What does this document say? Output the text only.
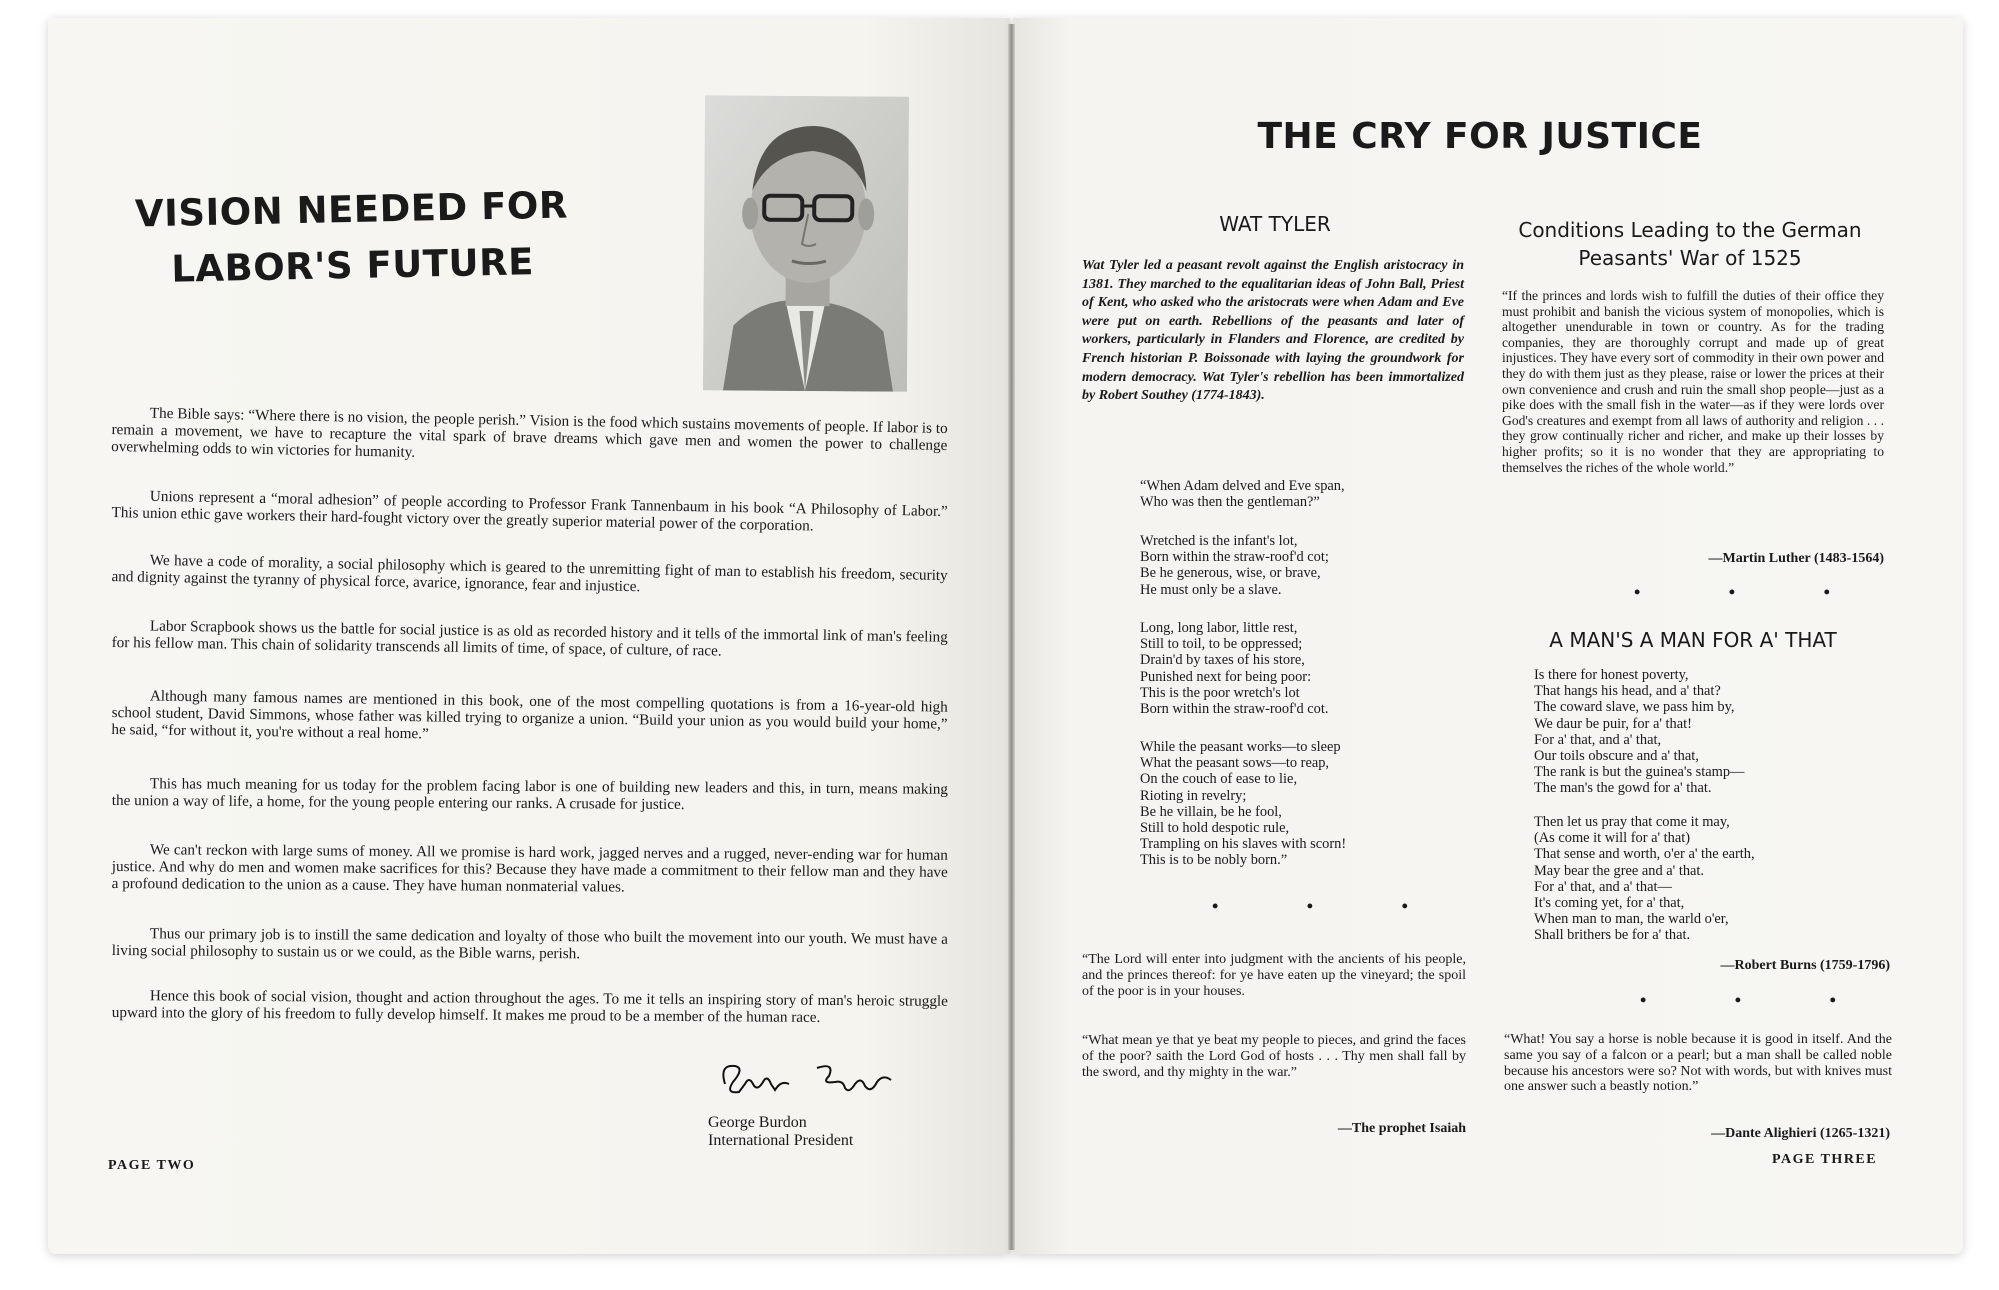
VISION NEEDED FOR
LABOR'S FUTURE

The Bible says: “Where there is no vision, the people perish.” Vision is the food which sustains movements of people. If labor is to remain a movement, we have to recapture the vital spark of brave dreams which gave men and women the power to challenge overwhelming odds to win victories for humanity.

Unions represent a “moral adhesion” of people according to Professor Frank Tannenbaum in his book “A Philosophy of Labor.” This union ethic gave workers their hard-fought victory over the greatly superior material power of the corporation.

We have a code of morality, a social philosophy which is geared to the unremitting fight of man to establish his freedom, security and dignity against the tyranny of physical force, avarice, ignorance, fear and injustice.

Labor Scrapbook shows us the battle for social justice is as old as recorded history and it tells of the immortal link of man's feeling for his fellow man. This chain of solidarity transcends all limits of time, of space, of culture, of race.

Although many famous names are mentioned in this book, one of the most compelling quotations is from a 16-year-old high school student, David Simmons, whose father was killed trying to organize a union. “Build your union as you would build your home,” he said, “for without it, you're without a real home.”

This has much meaning for us today for the problem facing labor is one of building new leaders and this, in turn, means making the union a way of life, a home, for the young people entering our ranks. A crusade for justice.

We can't reckon with large sums of money. All we promise is hard work, jagged nerves and a rugged, never-ending war for human justice. And why do men and women make sacrifices for this? Because they have made a commitment to their fellow man and they have a profound dedication to the union as a cause. They have human nonmaterial values.

Thus our primary job is to instill the same dedication and loyalty of those who built the movement into our youth. We must have a living social philosophy to sustain us or we could, as the Bible warns, perish.

Hence this book of social vision, thought and action throughout the ages. To me it tells an inspiring story of man's heroic struggle upward into the glory of his freedom to fully develop himself. It makes me proud to be a member of the human race.

George Burdon
International President
PAGE TWO
THE CRY FOR JUSTICE
WAT TYLER

Wat Tyler led a peasant revolt against the English aristocracy in 1381. They marched to the equalitarian ideas of John Ball, Priest of Kent, who asked who the aristocrats were when Adam and Eve were put on earth. Rebellions of the peasants and later of workers, particularly in Flanders and Florence, are credited by French historian P. Boissonade with laying the groundwork for modern democracy. Wat Tyler's rebellion has been immortalized by Robert Southey (1774-1843).

“When Adam delved and Eve span,
Who was then the gentleman?”

Wretched is the infant's lot,
Born within the straw-roof'd cot;
Be he generous, wise, or brave,
He must only be a slave.

Long, long labor, little rest,
Still to toil, to be oppressed;
Drain'd by taxes of his store,
Punished next for being poor:
This is the poor wretch's lot
Born within the straw-roof'd cot.

While the peasant works—to sleep
What the peasant sows—to reap,
On the couch of ease to lie,
Rioting in revelry;
Be he villain, be he fool,
Still to hold despotic rule,
Trampling on his slaves with scorn!
This is to be nobly born.”

• • •

“The Lord will enter into judgment with the ancients of his people, and the princes thereof: for ye have eaten up the vineyard; the spoil of the poor is in your houses.

“What mean ye that ye beat my people to pieces, and grind the faces of the poor? saith the Lord God of hosts . . . Thy men shall fall by the sword, and thy mighty in the war.”

—The prophet Isaiah
Conditions Leading to the German
Peasants' War of 1525

“If the princes and lords wish to fulfill the duties of their office they must prohibit and banish the vicious system of monopolies, which is altogether unendurable in town or country. As for the trading companies, they are thoroughly corrupt and made up of great injustices. They have every sort of commodity in their own power and they do with them just as they please, raise or lower the prices at their own convenience and crush and ruin the small shop people—just as a pike does with the small fish in the water—as if they were lords over God's creatures and exempt from all laws of authority and religion . . . they grow continually richer and richer, and make up their losses by higher profits; so it is no wonder that they are appropriating to themselves the riches of the whole world.”

—Martin Luther (1483-1564)
• • •
A MAN'S A MAN FOR A' THAT

Is there for honest poverty,
That hangs his head, and a' that?
The coward slave, we pass him by,
We daur be puir, for a' that!
For a' that, and a' that,
Our toils obscure and a' that,
The rank is but the guinea's stamp—
The man's the gowd for a' that.

Then let us pray that come it may,
(As come it will for a' that)
That sense and worth, o'er a' the earth,
May bear the gree and a' that.
For a' that, and a' that—
It's coming yet, for a' that,
When man to man, the warld o'er,
Shall brithers be for a' that.

—Robert Burns (1759-1796)
• • •

“What! You say a horse is noble because it is good in itself. And the same you say of a falcon or a pearl; but a man shall be called noble because his ancestors were so? Not with words, but with knives must one answer such a beastly notion.”

—Dante Alighieri (1265-1321)
PAGE THREE
